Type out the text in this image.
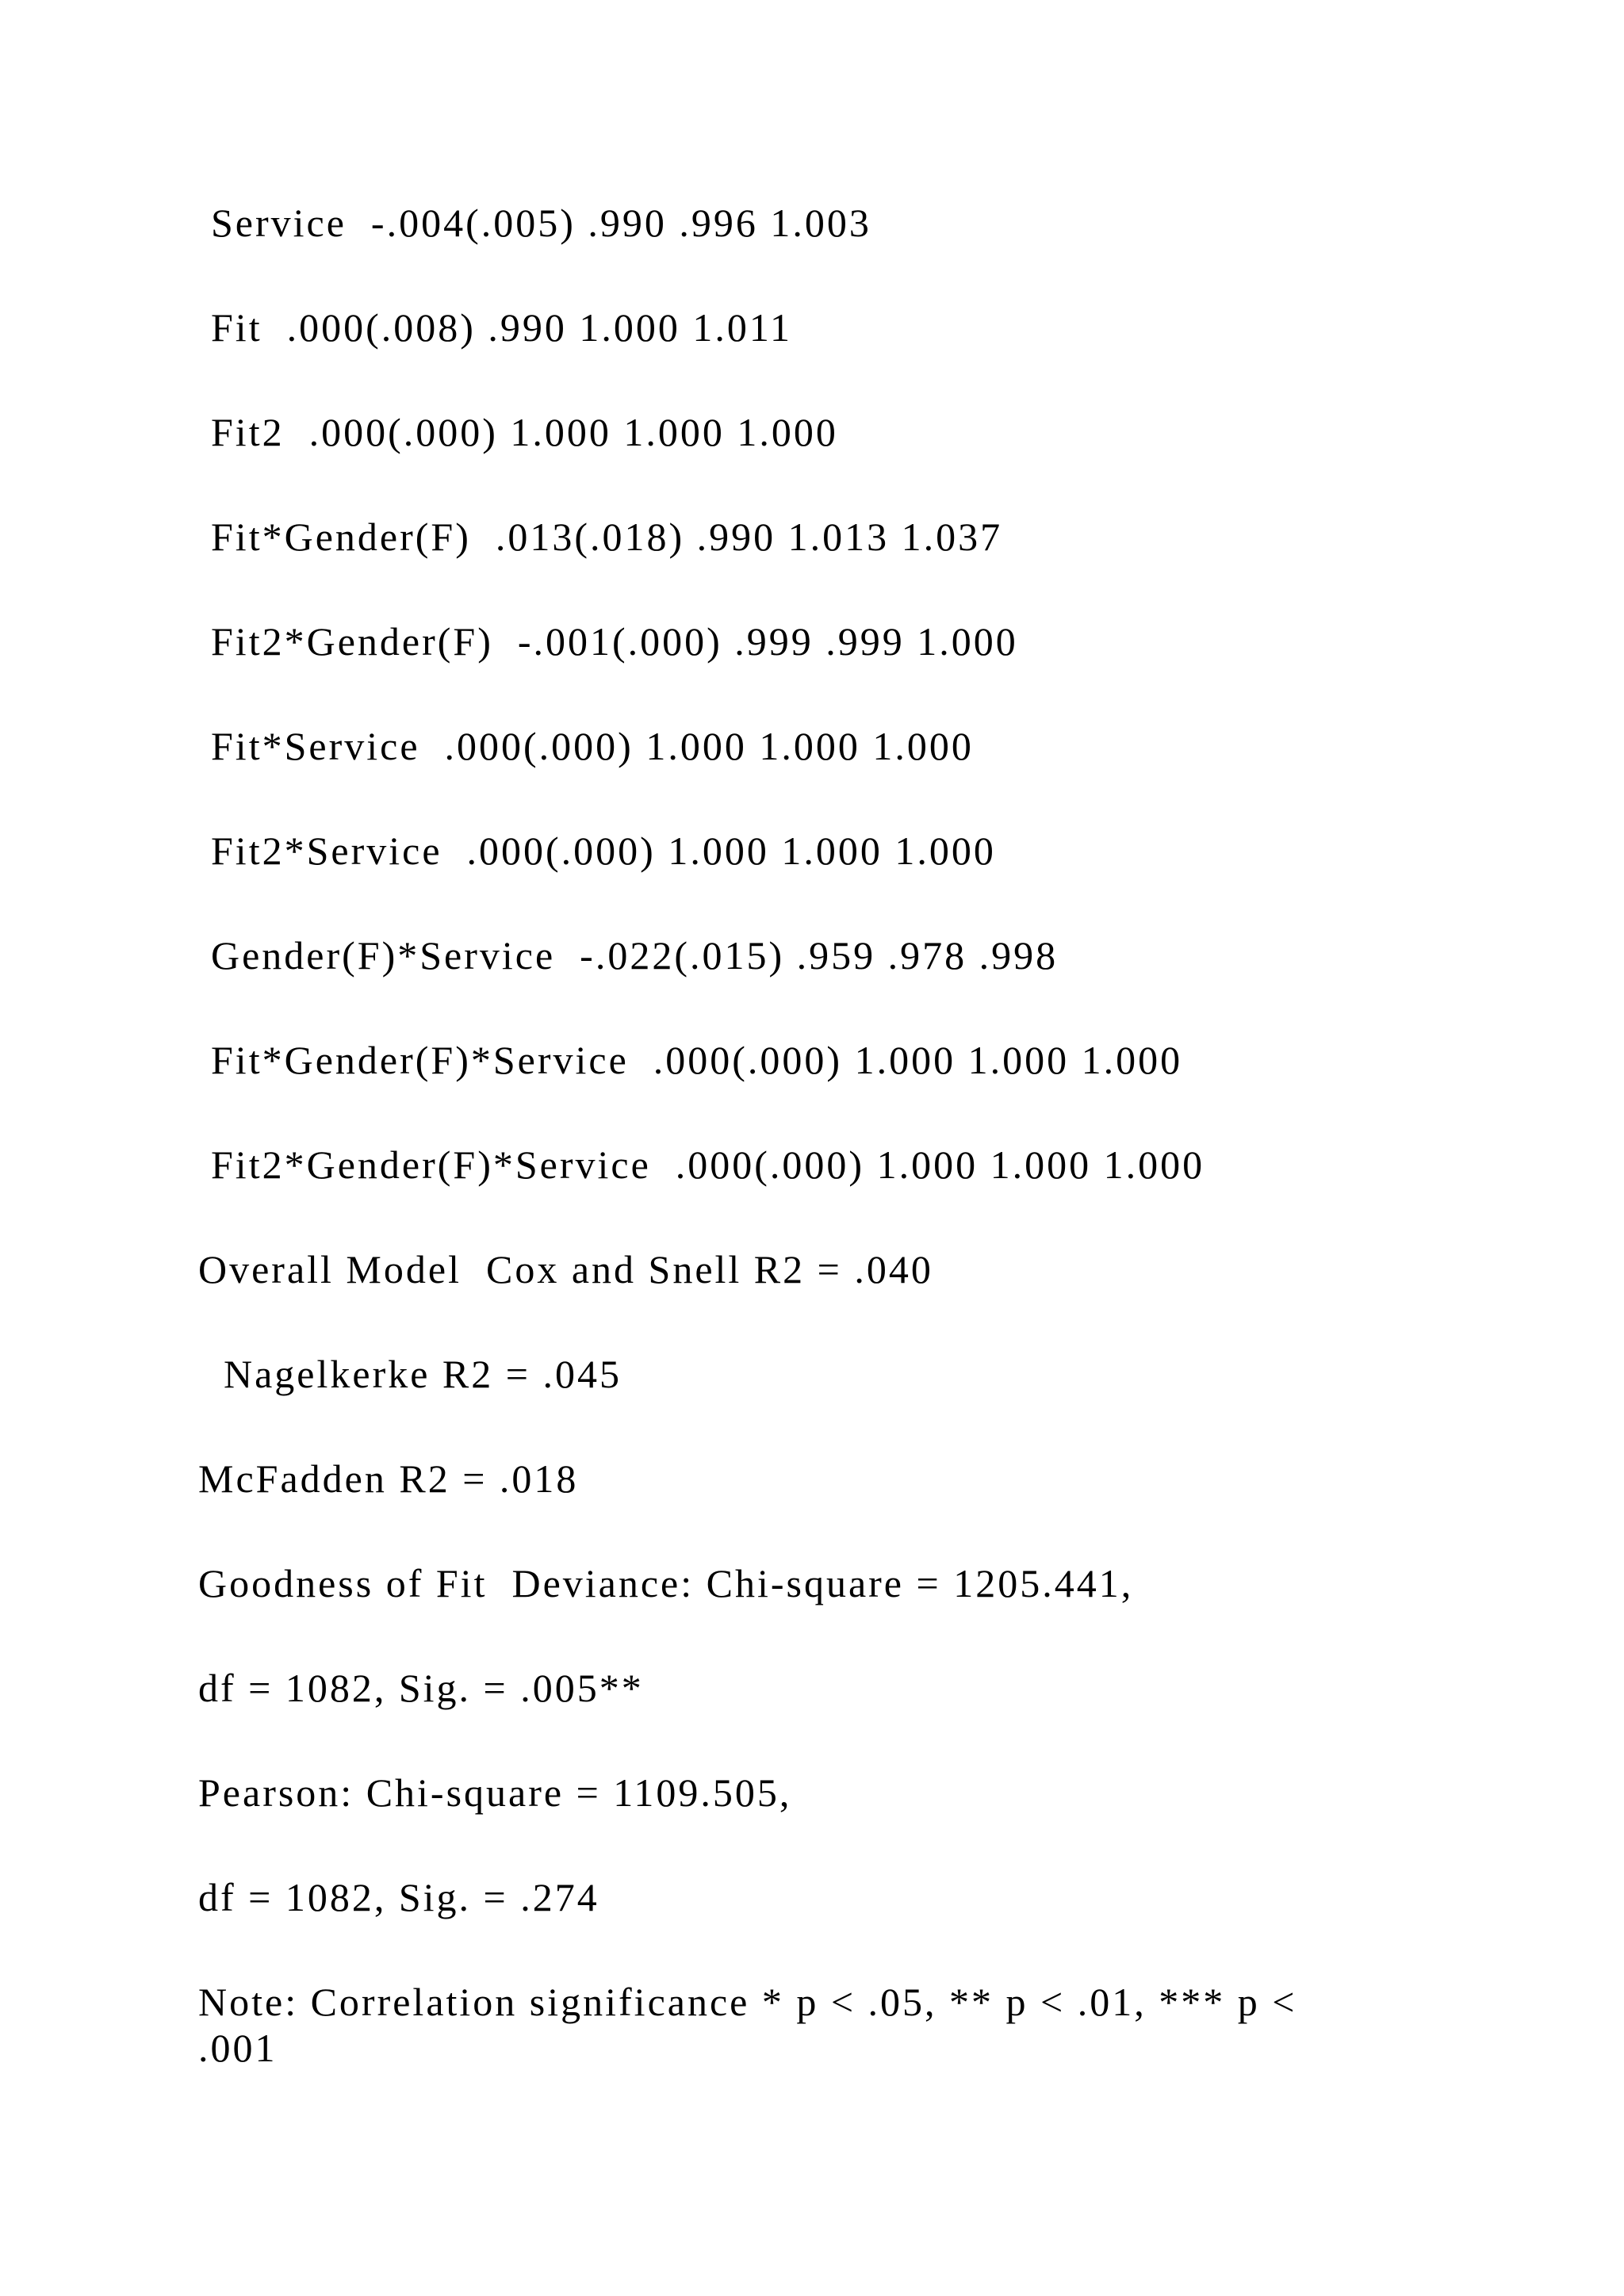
Service  -.004(.005) .990 .996 1.003
Fit  .000(.008) .990 1.000 1.011
Fit2  .000(.000) 1.000 1.000 1.000
Fit*Gender(F)  .013(.018) .990 1.013 1.037
Fit2*Gender(F)  -.001(.000) .999 .999 1.000
Fit*Service  .000(.000) 1.000 1.000 1.000
Fit2*Service  .000(.000) 1.000 1.000 1.000
Gender(F)*Service  -.022(.015) .959 .978 .998
Fit*Gender(F)*Service  .000(.000) 1.000 1.000 1.000
Fit2*Gender(F)*Service  .000(.000) 1.000 1.000 1.000
Overall Model  Cox and Snell R2 = .040
Nagelkerke R2 = .045
McFadden R2 = .018
Goodness of Fit  Deviance: Chi-square = 1205.441,
df = 1082, Sig. = .005**
Pearson: Chi-square = 1109.505,
df = 1082, Sig. = .274
Note: Correlation significance * p < .05, ** p < .01, *** p < .001
